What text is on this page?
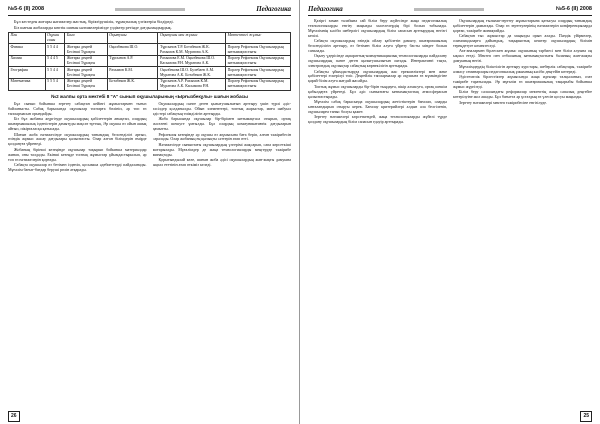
№5-6 (II) 2008	Педагогика

Бұл кестеден жоғары нәтижелер жастық, біріктірушілік, тұрақтылық үзгіктерін білдіреді.

Біз шағын жобаларды көптік шағын нәтижелерімізде үздіктер ретінде дағдыландырдық.

Пән	Оқушы саны	Баға	Оқытушы	Оқытушы мен жұмыс	Мектептегі жұмыс
Физика	5 5 4 4	Жоғары деңгей Бесінші Тұрақты	Оңалбекова Ш.О.	Тұрсынов Т.Р. Ботабеков Ж.К. Рахымов К.М. Муратова А.К.	Порлер Рефлексия Оқушылардың ынтымақтастығы
Химия	5 4 4 5	Жоғары деңгей Бесінші Тұрақты	Тұрсынов А.Р.	Рахымова Е.М. Оңалбекова Ш.О. Касымова Р.Н. Муратова А.К.	Порлер Рефлексия Оқушылардың ынтымақтастығы
География	5 5 4 4	Жоғары деңгей Бесінші Тұрақты	Рахымов К.М.	Оңалбекова Ш.О. Булебаев А.М. Муратова А.К. Ботабеков Ж.К.	Порлер Рефлексия Оқушылардың ынтымақтастығы
Математика	5 5 5 4	Жоғары деңгей Бесінші Тұрақты	Ботабеков Ж.К.	Тұрсынов А.Р. Рахымов К.М. Муратова А.К. Касымова Р.Н.	Порлер Рефлексия Оқушылардың ынтымақтастығы
№2 жалпы орта мектебі 8 "А" сынып оқушыларының «Ырғызбекұлы» шағын жобасы

Бұл сынып бойынша зерттеу сабақтан кейінгі жұмыстармен тығыз байланысты. Сабақ барысында оқушылар топтарға бөлініп, әр топ өз тапсырмасын орындайды.

Біз бұл жобаны жүргізуде оқушылардың қабілеттерін анықтап, олардың шығармашылық ізденістерін дамытуды мақсат тұттық. Әр оқушы өз ойын ашық айтып, пікірталасқа қатысады.

Шағын жоба нәтижесінде оқушылардың танымдық белсенділігі артып, өзіндік жұмыс жасау дағдылары қалыптасты. Олар алған білімдерін өмірде қолдануға үйренеді.

Жобаның бірінші кезеңінде оқушылар тақырып бойынша материалдар жинап, оны талдады. Екінші кезеңде топтық жұмыстар ұйымдастырылып, әр топ өз нәтижелерін қорғады.

Сабақта оқушылар өз бетімен ізденіп, қосымша әдебиеттерді пайдаланады. Мұғалім бағыт-бағдар беруші рөлін атқарады.

Оқушылардың пәнге деген қызығушылығын арттыру үшін түрлі әдіс-тәсілдер қолданылды. Ойын элементтері, топтық жарыстар, миға шабуыл әдістері сабақтың тиімділігін арттырды.

Жоба барысында оқушылар бір-бірімен ынтымақтаса отырып, ортақ мәселені шешуге ұмтылды. Бұл олардың коммуникативтік дағдыларын дамытты.

Рефлексия кезеңінде әр оқушы өз жұмысына баға беріп, алған тәжірибесін саралады. Олар жобаның ең қызықты сәттерін атап өтті.

Нәтижесінде сыныптағы оқушылардың үлгерімі жақсарып, сапа көрсеткіші жоғарылады. Мұғалімдер де жаңа технологияларды меңгеруде тәжірибе жинақтады.

Қорытындылай келе, шағын жоба әдісі оқушылардың жан-жақты дамуына ықпал ететінін атап өткіміз келеді.

26
Педагогика	№5-6 (II) 2008

Қазіргі заман талабына сай білім беру жүйесінде жаңа педагогикалық технологияларды енгізу маңызды мәселелердің бірі болып табылады. Мұғалімнің кәсіби шеберлігі оқушылардың білім сапасын арттырудың негізгі кепілі.

Сабақта оқушылардың өзіндік ойлау қабілетін дамыту, шығармашылық белсенділігін арттыру, өз бетімен білім алуға үйрету басты міндет болып саналады.

Оқыту үдерісінде ақпараттық-коммуникациялық технологияларды пайдалану оқушылардың пәнге деген қызығушылығын оятады. Интерактивті тақта, электрондық оқулықтар сабақтың көрнекілігін арттырады.

Сабақты ұйымдастыруда оқушылардың жас ерекшеліктері мен жеке қабілеттері ескерілуі тиіс. Деңгейлік тапсырмалар әр оқушыға өз мүмкіндігіне қарай білім алуға жағдай жасайды.

Топтық жұмыс оқушыларды бір-бірін тыңдауға, пікір алмасуға, ортақ шешім қабылдауға үйретеді. Бұл әдіс сыныптағы ынтымақтастық атмосферасын қалыптастырады.

Мұғалім сабақ барысында оқушылардың жетістіктерін бағалап, оларды ынталандырып отыруы керек. Бағалау критерийлері алдын ала белгіленіп, оқушыларға таныс болуы қажет.

Зерттеу нәтижелері көрсеткендей, жаңа технологияларды жүйелі түрде қолдану оқушылардың білім сапасын едәуір арттырады.

Оқушылардың ғылыми-зерттеу жұмыстарына қатысуы олардың танымдық қабілеттерін дамытады. Олар өз зерттеулерінің нәтижелерін конференцияларда қорғап, тәжірибе жинақтайды.

Сабақтан тыс жұмыстар да маңызды орын алады. Пәндік үйірмелер, олимпиадаларға дайындық, тақырыптық кештер оқушылардың білімін тереңдетуге көмектеседі.

Ата-аналармен бірлескен жұмыс оқушының тәрбиесі мен білім алуына оң ықпал етеді. Мектеп пен отбасының ынтымақтастығы баланың жан-жақты дамуының негізі.

Мұғалімдердің біліктілігін арттыру курстары, шеберлік сабақтары, тәжірибе алмасу семинарлары педагогикалық ұжымның кәсіби деңгейін көтереді.

Әдістемелік бірлестіктер жұмысында жаңа идеялар талқыланып, озат тәжірибе таратылады. Әр мұғалім өз шығармашылық тақырыбы бойынша жұмыс жүргізеді.

Білім беру саласындағы реформалар мектептің жаңа сапалық деңгейге көтерілуіне жол ашады. Бұл бағытта әр ұстаздың өз үлесін қосуы маңызды.

Зерттеу нәтижелері мектеп тәжірибесіне енгізілуде.

25
